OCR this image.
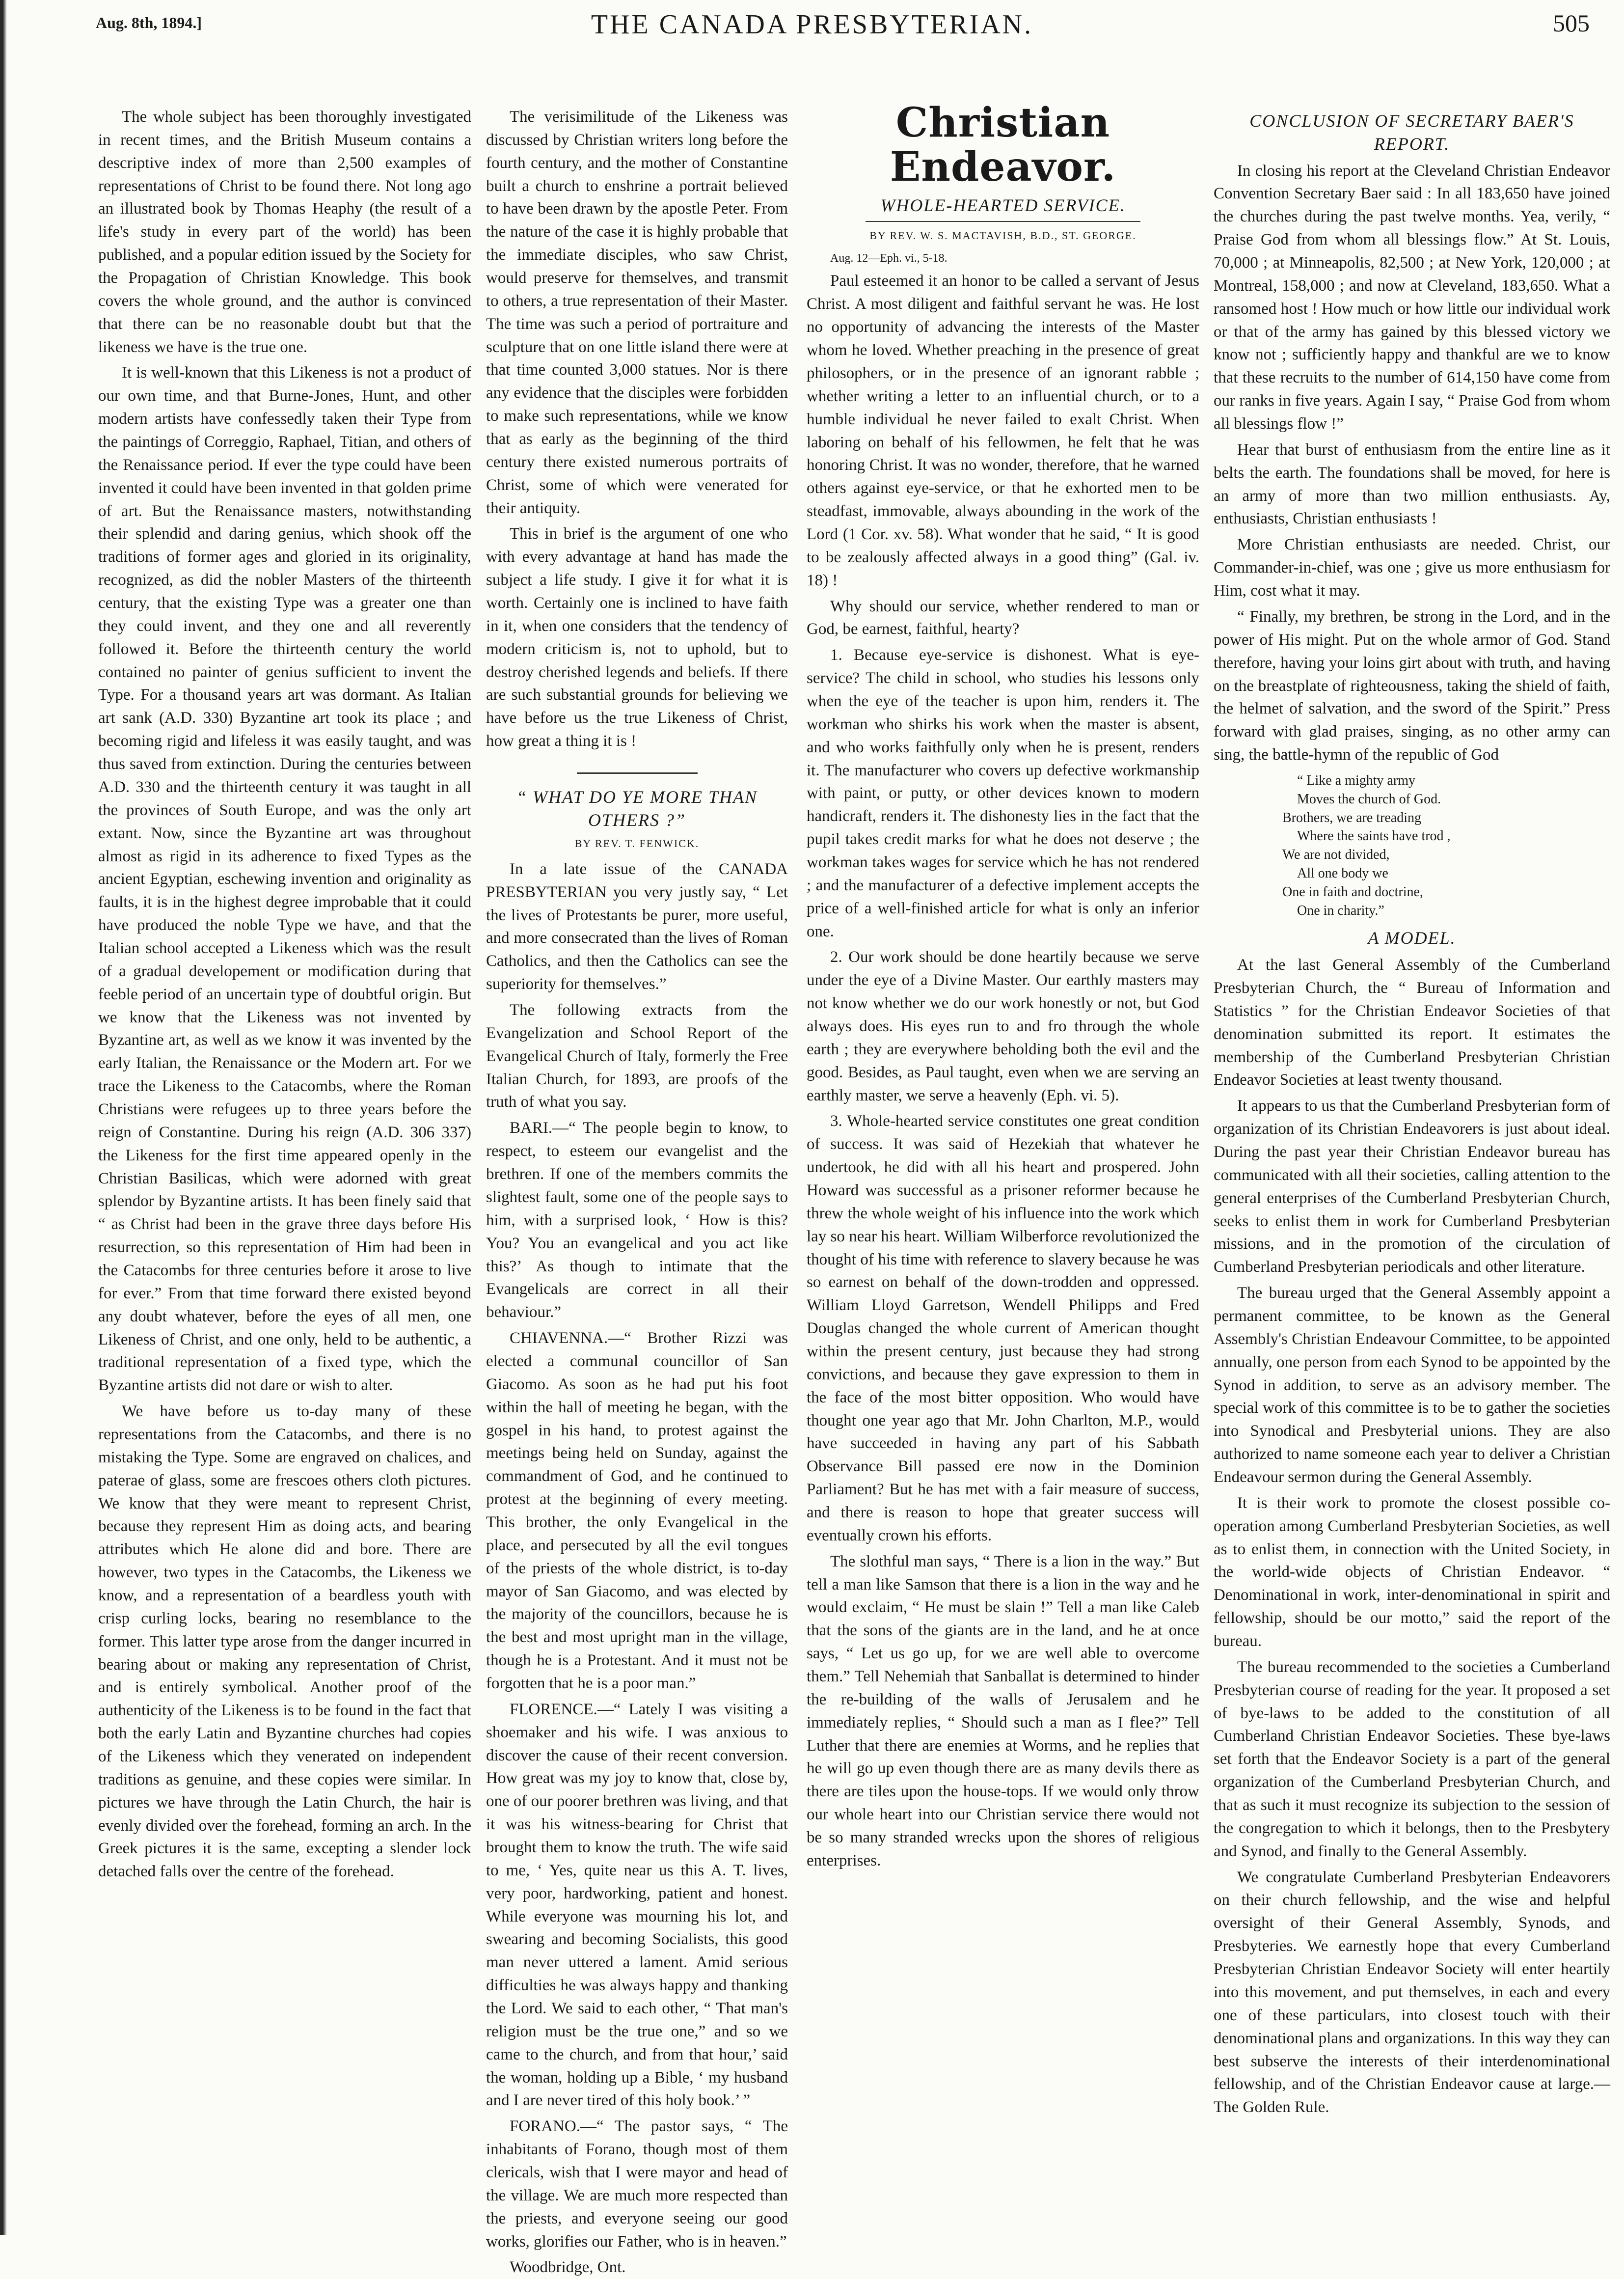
Aug. 8th, 1894.]	THE CANADA PRESBYTERIAN.	505

The whole subject has been thoroughly investigated in recent times, and the British Museum contains a descriptive index of more than 2,500 examples of representations of Christ to be found there. Not long ago an illustrated book by Thomas Heaphy (the result of a life's study in every part of the world) has been published, and a popular edition issued by the Society for the Propagation of Christian Knowledge. This book covers the whole ground, and the author is convinced that there can be no reasonable doubt but that the likeness we have is the true one.

It is well-known that this Likeness is not a product of our own time, and that Burne-Jones, Hunt, and other modern artists have confessedly taken their Type from the paintings of Correggio, Raphael, Titian, and others of the Renaissance period. If ever the type could have been invented it could have been invented in that golden prime of art. But the Renaissance masters, notwithstanding their splendid and daring genius, which shook off the traditions of former ages and gloried in its originality, recognized, as did the nobler Masters of the thirteenth century, that the existing Type was a greater one than they could invent, and they one and all reverently followed it. Before the thirteenth century the world contained no painter of genius sufficient to invent the Type. For a thousand years art was dormant. As Italian art sank (A.D. 330) Byzantine art took its place ; and becoming rigid and lifeless it was easily taught, and was thus saved from extinction. During the centuries between A.D. 330 and the thirteenth century it was taught in all the provinces of South Europe, and was the only art extant. Now, since the Byzantine art was throughout almost as rigid in its adherence to fixed Types as the ancient Egyptian, eschewing invention and originality as faults, it is in the highest degree improbable that it could have produced the noble Type we have, and that the Italian school accepted a Likeness which was the result of a gradual developement or modification during that feeble period of an uncertain type of doubtful origin. But we know that the Likeness was not invented by Byzantine art, as well as we know it was invented by the early Italian, the Renaissance or the Modern art. For we trace the Likeness to the Catacombs, where the Roman Christians were refugees up to three years before the reign of Constantine. During his reign (A.D. 306 337) the Likeness for the first time appeared openly in the Christian Basilicas, which were adorned with great splendor by Byzantine artists. It has been finely said that “ as Christ had been in the grave three days before His resurrection, so this representation of Him had been in the Catacombs for three centuries before it arose to live for ever.” From that time forward there existed beyond any doubt whatever, before the eyes of all men, one Likeness of Christ, and one only, held to be authentic, a traditional representation of a fixed type, which the Byzantine artists did not dare or wish to alter.

We have before us to-day many of these representations from the Catacombs, and there is no mistaking the Type. Some are engraved on chalices, and paterae of glass, some are frescoes others cloth pictures. We know that they were meant to represent Christ, because they represent Him as doing acts, and bearing attributes which He alone did and bore. There are however, two types in the Catacombs, the Likeness we know, and a representation of a beardless youth with crisp curling locks, bearing no resemblance to the former. This latter type arose from the danger incurred in bearing about or making any representation of Christ, and is entirely symbolical. Another proof of the authenticity of the Likeness is to be found in the fact that both the early Latin and Byzantine churches had copies of the Likeness which they venerated on independent traditions as genuine, and these copies were similar. In pictures we have through the Latin Church, the hair is evenly divided over the forehead, forming an arch. In the Greek pictures it is the same, excepting a slender lock detached falls over the centre of the forehead.

The verisimilitude of the Likeness was discussed by Christian writers long before the fourth century, and the mother of Constantine built a church to enshrine a portrait believed to have been drawn by the apostle Peter. From the nature of the case it is highly probable that the immediate disciples, who saw Christ, would preserve for themselves, and transmit to others, a true representation of their Master. The time was such a period of portraiture and sculpture that on one little island there were at that time counted 3,000 statues. Nor is there any evidence that the disciples were forbidden to make such representations, while we know that as early as the beginning of the third century there existed numerous portraits of Christ, some of which were venerated for their antiquity.

This in brief is the argument of one who with every advantage at hand has made the subject a life study. I give it for what it is worth. Certainly one is inclined to have faith in it, when one considers that the tendency of modern criticism is, not to uphold, but to destroy cherished legends and beliefs. If there are such substantial grounds for believing we have before us the true Likeness of Christ, how great a thing it is !

“ WHAT DO YE MORE THAN OTHERS ?”
BY REV. T. FENWICK.

In a late issue of the CANADA PRESBYTERIAN you very justly say, “ Let the lives of Protestants be purer, more useful, and more consecrated than the lives of Roman Catholics, and then the Catholics can see the superiority for themselves.”

The following extracts from the Evangelization and School Report of the Evangelical Church of Italy, formerly the Free Italian Church, for 1893, are proofs of the truth of what you say.

BARI.—“ The people begin to know, to respect, to esteem our evangelist and the brethren. If one of the members commits the slightest fault, some one of the people says to him, with a surprised look, ‘ How is this? You? You an evangelical and you act like this?’ As though to intimate that the Evangelicals are correct in all their behaviour.”

CHIAVENNA.—“ Brother Rizzi was elected a communal councillor of San Giacomo. As soon as he had put his foot within the hall of meeting he began, with the gospel in his hand, to protest against the meetings being held on Sunday, against the commandment of God, and he continued to protest at the beginning of every meeting. This brother, the only Evangelical in the place, and persecuted by all the evil tongues of the priests of the whole district, is to-day mayor of San Giacomo, and was elected by the majority of the councillors, because he is the best and most upright man in the village, though he is a Protestant. And it must not be forgotten that he is a poor man.”

FLORENCE.—“ Lately I was visiting a shoemaker and his wife. I was anxious to discover the cause of their recent conversion. How great was my joy to know that, close by, one of our poorer brethren was living, and that it was his witness-bearing for Christ that brought them to know the truth. The wife said to me, ‘ Yes, quite near us this A. T. lives, very poor, hardworking, patient and honest. While everyone was mourning his lot, and swearing and becoming Socialists, this good man never uttered a lament. Amid serious difficulties he was always happy and thanking the Lord. We said to each other, “ That man's religion must be the true one,” and so we came to the church, and from that hour,’ said the woman, holding up a Bible, ‘ my husband and I are never tired of this holy book.’ ”

FORANO.—“ The pastor says, “ The inhabitants of Forano, though most of them clericals, wish that I were mayor and head of the village. We are much more respected than the priests, and everyone seeing our good works, glorifies our Father, who is in heaven.”

Woodbridge, Ont.

Christian Endeavor.
WHOLE-HEARTED SERVICE.
BY REV. W. S. MACTAVISH, B.D., ST. GEORGE.

Aug. 12—Eph. vi., 5-18.

Paul esteemed it an honor to be called a servant of Jesus Christ. A most diligent and faithful servant he was. He lost no opportunity of advancing the interests of the Master whom he loved. Whether preaching in the presence of great philosophers, or in the presence of an ignorant rabble ; whether writing a letter to an influential church, or to a humble individual he never failed to exalt Christ. When laboring on behalf of his fellowmen, he felt that he was honoring Christ. It was no wonder, therefore, that he warned others against eye-service, or that he exhorted men to be steadfast, immovable, always abounding in the work of the Lord (1 Cor. xv. 58). What wonder that he said, “ It is good to be zealously affected always in a good thing” (Gal. iv. 18) !

Why should our service, whether rendered to man or God, be earnest, faithful, hearty?

1. Because eye-service is dishonest. What is eye-service? The child in school, who studies his lessons only when the eye of the teacher is upon him, renders it. The workman who shirks his work when the master is absent, and who works faithfully only when he is present, renders it. The manufacturer who covers up defective workmanship with paint, or putty, or other devices known to modern handicraft, renders it. The dishonesty lies in the fact that the pupil takes credit marks for what he does not deserve ; the workman takes wages for service which he has not rendered ; and the manufacturer of a defective implement accepts the price of a well-finished article for what is only an inferior one.

2. Our work should be done heartily because we serve under the eye of a Divine Master. Our earthly masters may not know whether we do our work honestly or not, but God always does. His eyes run to and fro through the whole earth ; they are everywhere beholding both the evil and the good. Besides, as Paul taught, even when we are serving an earthly master, we serve a heavenly (Eph. vi. 5).

3. Whole-hearted service constitutes one great condition of success. It was said of Hezekiah that whatever he undertook, he did with all his heart and prospered. John Howard was successful as a prisoner reformer because he threw the whole weight of his influence into the work which lay so near his heart. William Wilberforce revolutionized the thought of his time with reference to slavery because he was so earnest on behalf of the down-trodden and oppressed. William Lloyd Garretson, Wendell Philipps and Fred Douglas changed the whole current of American thought within the present century, just because they had strong convictions, and because they gave expression to them in the face of the most bitter opposition. Who would have thought one year ago that Mr. John Charlton, M.P., would have succeeded in having any part of his Sabbath Observance Bill passed ere now in the Dominion Parliament? But he has met with a fair measure of success, and there is reason to hope that greater success will eventually crown his efforts.

The slothful man says, “ There is a lion in the way.” But tell a man like Samson that there is a lion in the way and he would exclaim, “ He must be slain !” Tell a man like Caleb that the sons of the giants are in the land, and he at once says, “ Let us go up, for we are well able to overcome them.” Tell Nehemiah that Sanballat is determined to hinder the re-building of the walls of Jerusalem and he immediately replies, “ Should such a man as I flee?” Tell Luther that there are enemies at Worms, and he replies that he will go up even though there are as many devils there as there are tiles upon the house-tops. If we would only throw our whole heart into our Christian service there would not be so many stranded wrecks upon the shores of religious enterprises.

CONCLUSION OF SECRETARY BAER'S REPORT.

In closing his report at the Cleveland Christian Endeavor Convention Secretary Baer said : In all 183,650 have joined the churches during the past twelve months. Yea, verily, “ Praise God from whom all blessings flow.” At St. Louis, 70,000 ; at Minneapolis, 82,500 ; at New York, 120,000 ; at Montreal, 158,000 ; and now at Cleveland, 183,650. What a ransomed host ! How much or how little our individual work or that of the army has gained by this blessed victory we know not ; sufficiently happy and thankful are we to know that these recruits to the number of 614,150 have come from our ranks in five years. Again I say, “ Praise God from whom all blessings flow !”

Hear that burst of enthusiasm from the entire line as it belts the earth. The foundations shall be moved, for here is an army of more than two million enthusiasts. Ay, enthusiasts, Christian enthusiasts !

More Christian enthusiasts are needed. Christ, our Commander-in-chief, was one ; give us more enthusiasm for Him, cost what it may.

“ Finally, my brethren, be strong in the Lord, and in the power of His might. Put on the whole armor of God. Stand therefore, having your loins girt about with truth, and having on the breastplate of righteousness, taking the shield of faith, the helmet of salvation, and the sword of the Spirit.” Press forward with glad praises, singing, as no other army can sing, the battle-hymn of the republic of God

“ Like a mighty army
Moves the church of God.
Brothers, we are treading
Where the saints have trod ,
We are not divided,
All one body we
One in faith and doctrine,
One in charity.”
A MODEL.

At the last General Assembly of the Cumberland Presbyterian Church, the “ Bureau of Information and Statistics ” for the Christian Endeavor Societies of that denomination submitted its report. It estimates the membership of the Cumberland Presbyterian Christian Endeavor Societies at least twenty thousand.

It appears to us that the Cumberland Presbyterian form of organization of its Christian Endeavorers is just about ideal. During the past year their Christian Endeavor bureau has communicated with all their societies, calling attention to the general enterprises of the Cumberland Presbyterian Church, seeks to enlist them in work for Cumberland Presbyterian missions, and in the promotion of the circulation of Cumberland Presbyterian periodicals and other literature.

The bureau urged that the General Assembly appoint a permanent committee, to be known as the General Assembly's Christian Endeavour Committee, to be appointed annually, one person from each Synod to be appointed by the Synod in addition, to serve as an advisory member. The special work of this committee is to be to gather the societies into Synodical and Presbyterial unions. They are also authorized to name someone each year to deliver a Christian Endeavour sermon during the General Assembly.

It is their work to promote the closest possible co-operation among Cumberland Presbyterian Societies, as well as to enlist them, in connection with the United Society, in the world-wide objects of Christian Endeavor. “ Denominational in work, inter-denominational in spirit and fellowship, should be our motto,” said the report of the bureau.

The bureau recommended to the societies a Cumberland Presbyterian course of reading for the year. It proposed a set of bye-laws to be added to the constitution of all Cumberland Christian Endeavor Societies. These bye-laws set forth that the Endeavor Society is a part of the general organization of the Cumberland Presbyterian Church, and that as such it must recognize its subjection to the session of the congregation to which it belongs, then to the Presbytery and Synod, and finally to the General Assembly.

We congratulate Cumberland Presbyterian Endeavorers on their church fellowship, and the wise and helpful oversight of their General Assembly, Synods, and Presbyteries. We earnestly hope that every Cumberland Presbyterian Christian Endeavor Society will enter heartily into this movement, and put themselves, in each and every one of these particulars, into closest touch with their denominational plans and organizations. In this way they can best subserve the interests of their interdenominational fellowship, and of the Christian Endeavor cause at large.—The Golden Rule.
